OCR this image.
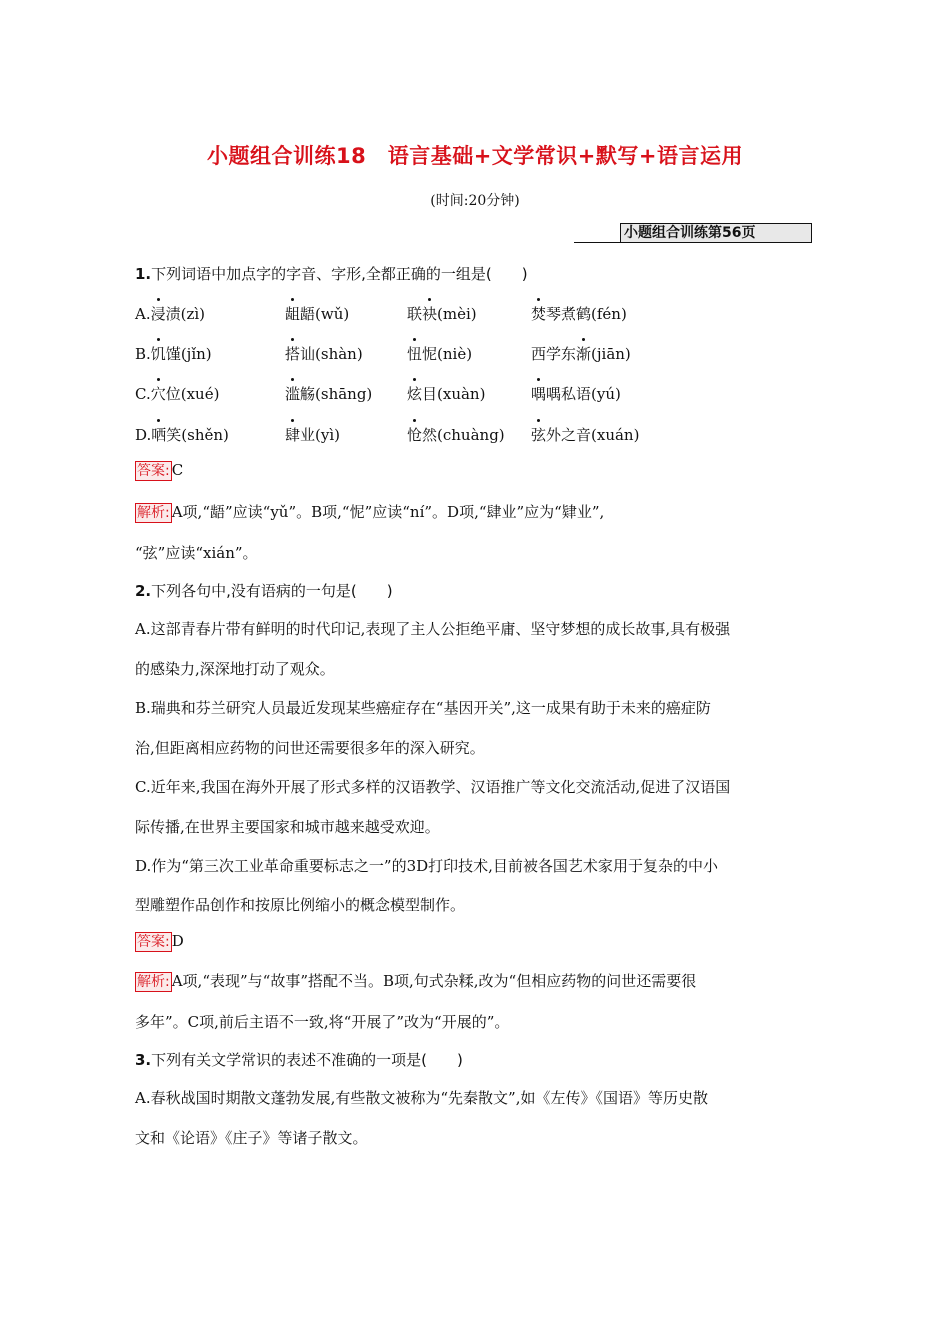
小题组合训练18　语言基础+文学常识+默写+语言运用
(时间:20分钟)
小题组合训练第56页
1.下列词语中加点字的字音、字形,全都正确的一组是(　　)
A.浸渍(zì)	龃龉(wǔ)	联袂(mèi)	焚琴煮鹤(fén)
B.饥馑(jǐn)	搭讪(shàn)	忸怩(niè)	西学东渐(jiān)
C.穴位(xué)	滥觞(shāng) 炫目(xuàn)	喁喁私语(yú)
D.哂笑(shěn)	肆业(yì)	怆然(chuàng) 弦外之音(xuán)
答案: C
解析: A项,“龉”应读“yǔ”。B项,“怩”应读“ní”。D项,“肆业”应为“肄业”,
“弦”应读“xián”。
2.下列各句中,没有语病的一句是(　　)
A.这部青春片带有鲜明的时代印记,表现了主人公拒绝平庸、坚守梦想的成长故事,具有极强
的感染力,深深地打动了观众。
B.瑞典和芬兰研究人员最近发现某些癌症存在“基因开关”,这一成果有助于未来的癌症防
治,但距离相应药物的问世还需要很多年的深入研究。
C.近年来,我国在海外开展了形式多样的汉语教学、汉语推广等文化交流活动,促进了汉语国
际传播,在世界主要国家和城市越来越受欢迎。
D.作为“第三次工业革命重要标志之一”的3D打印技术,目前被各国艺术家用于复杂的中小
型雕塑作品创作和按原比例缩小的概念模型制作。
答案: D
解析: A项,“表现”与“故事”搭配不当。B项,句式杂糅,改为“但相应药物的问世还需要很
多年”。C项,前后主语不一致,将“开展了”改为“开展的”。
3.下列有关文学常识的表述不准确的一项是(　　)
A.春秋战国时期散文蓬勃发展,有些散文被称为“先秦散文”,如《左传》《国语》等历史散
文和《论语》《庄子》等诸子散文。
